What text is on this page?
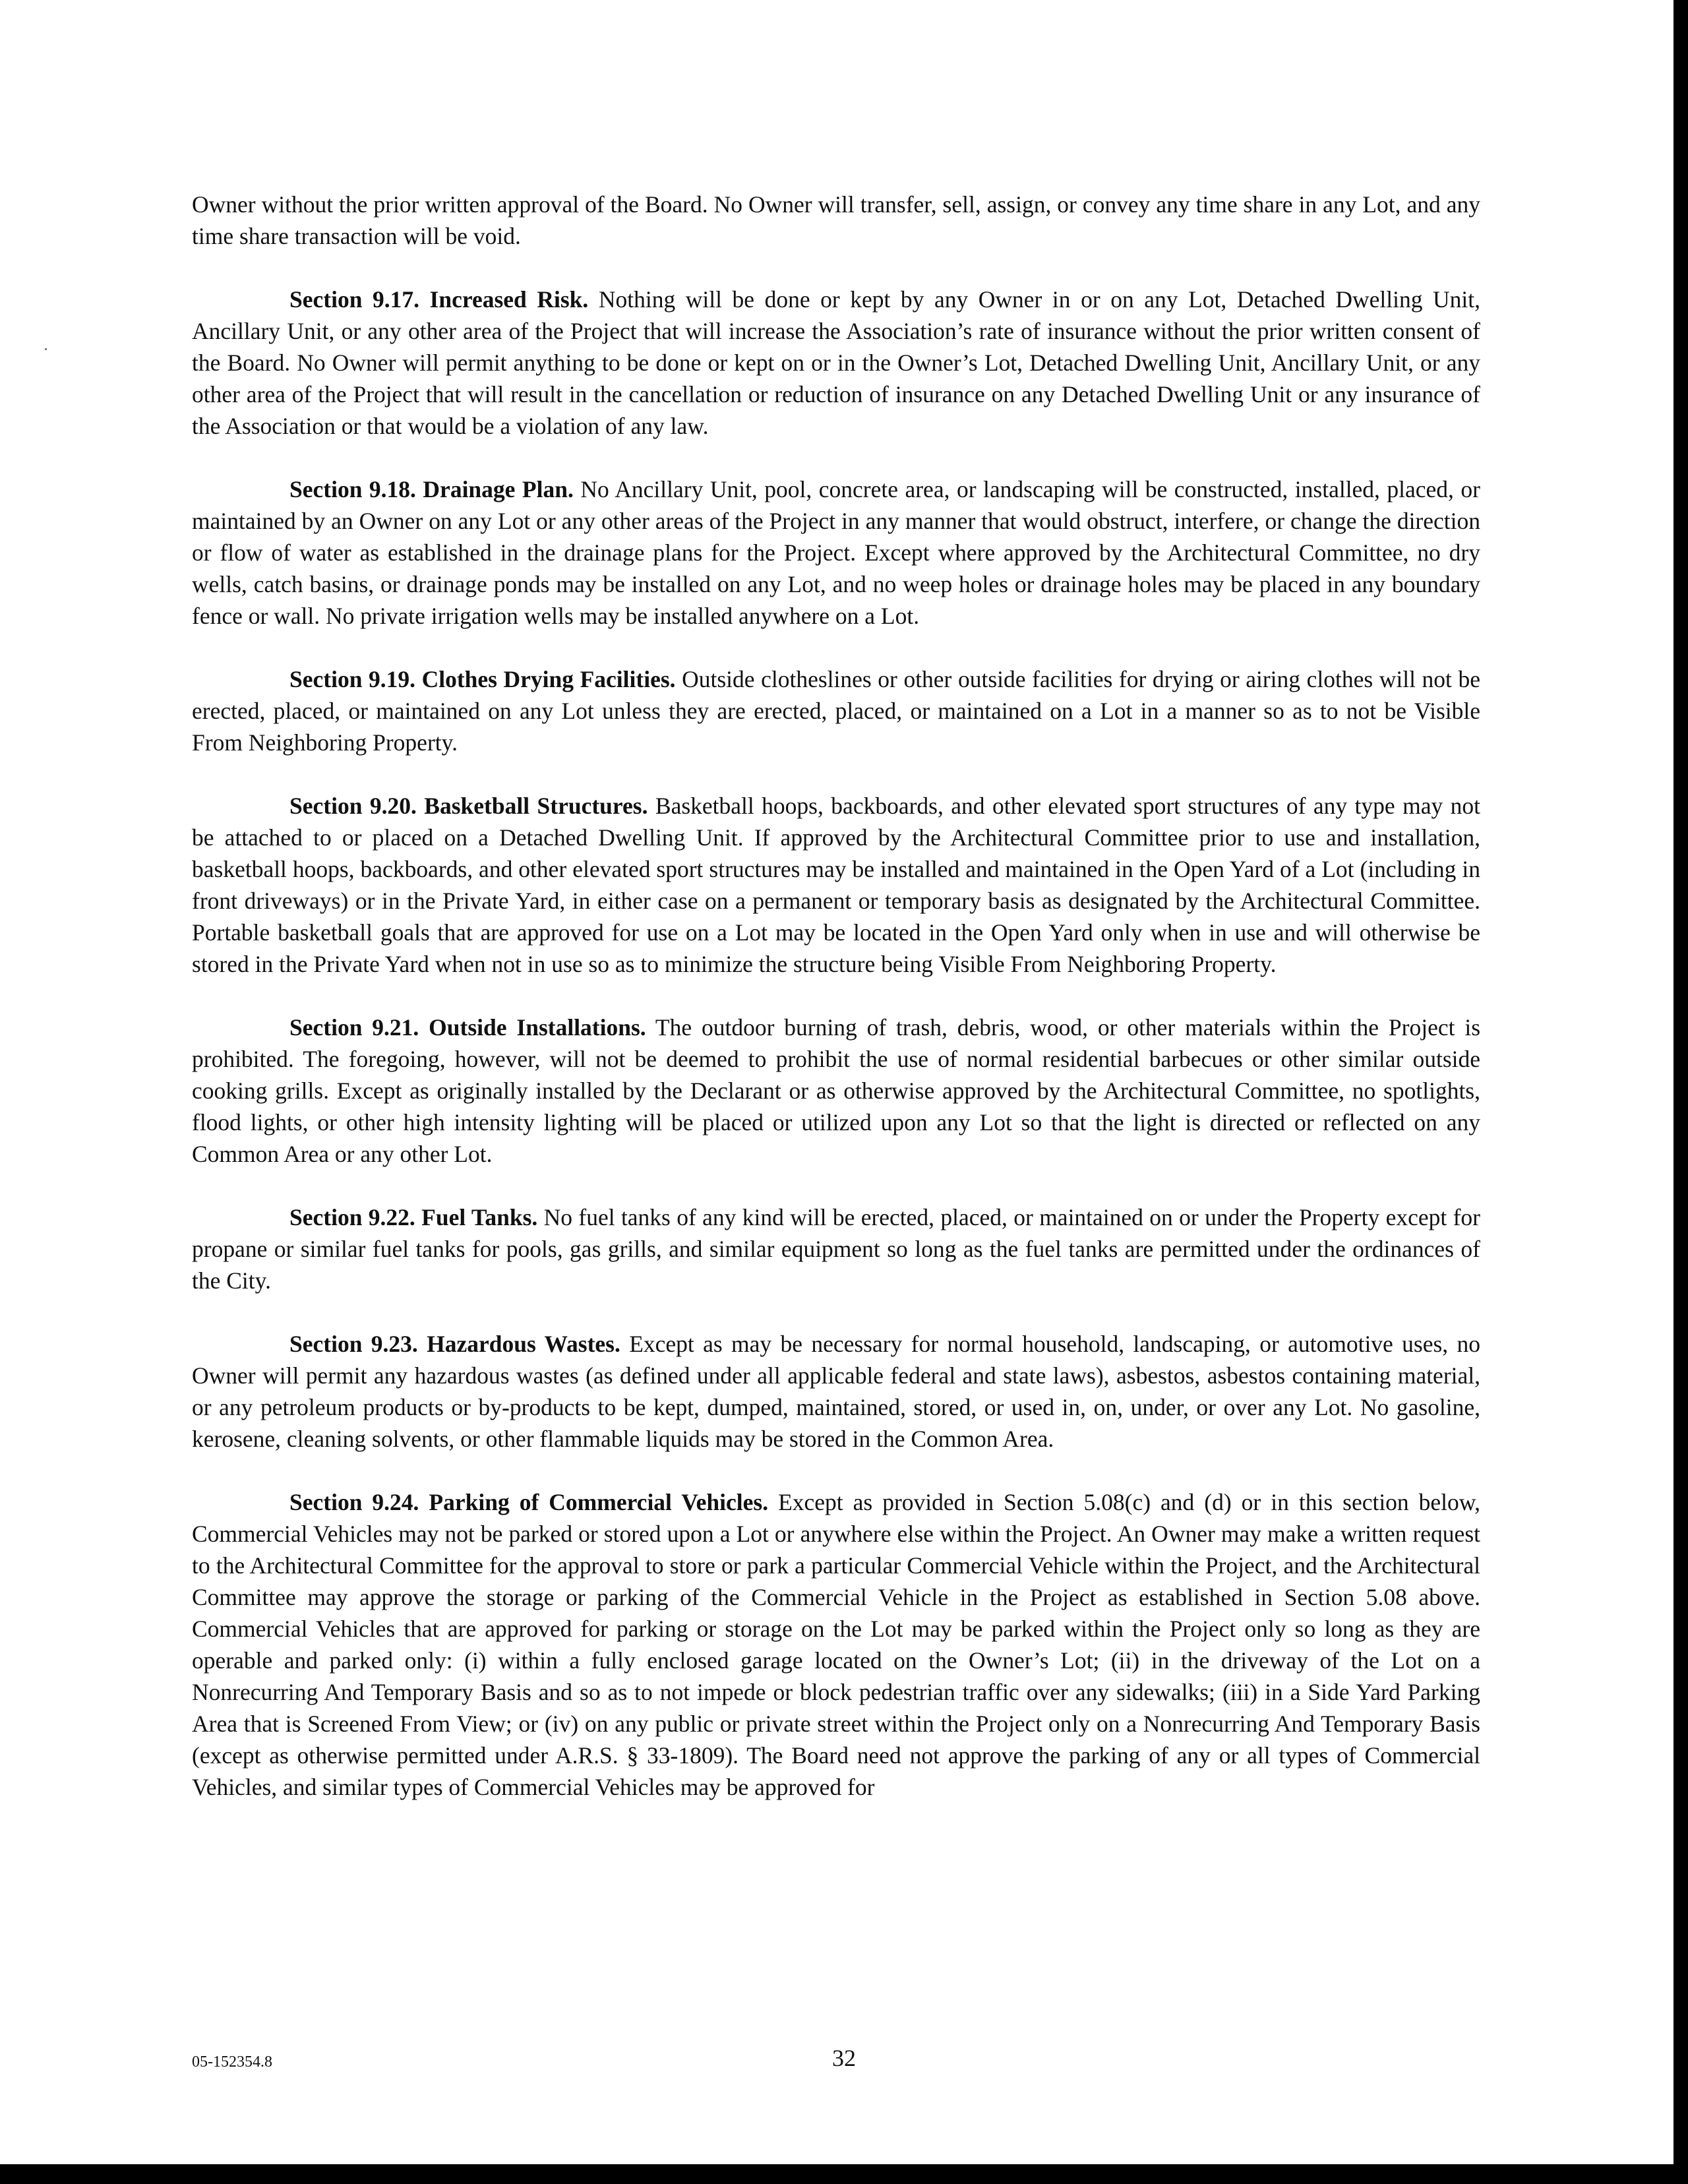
Owner without the prior written approval of the Board. No Owner will transfer, sell, assign, or convey any time share in any Lot, and any time share transaction will be void.

Section 9.17. Increased Risk. Nothing will be done or kept by any Owner in or on any Lot, Detached Dwelling Unit, Ancillary Unit, or any other area of the Project that will increase the Association’s rate of insurance without the prior written consent of the Board. No Owner will permit anything to be done or kept on or in the Owner’s Lot, Detached Dwelling Unit, Ancillary Unit, or any other area of the Project that will result in the cancellation or reduction of insurance on any Detached Dwelling Unit or any insurance of the Association or that would be a violation of any law.

Section 9.18. Drainage Plan. No Ancillary Unit, pool, concrete area, or landscaping will be constructed, installed, placed, or maintained by an Owner on any Lot or any other areas of the Project in any manner that would obstruct, interfere, or change the direction or flow of water as established in the drainage plans for the Project. Except where approved by the Architectural Committee, no dry wells, catch basins, or drainage ponds may be installed on any Lot, and no weep holes or drainage holes may be placed in any boundary fence or wall. No private irrigation wells may be installed anywhere on a Lot.

Section 9.19. Clothes Drying Facilities. Outside clotheslines or other outside facilities for drying or airing clothes will not be erected, placed, or maintained on any Lot unless they are erected, placed, or maintained on a Lot in a manner so as to not be Visible From Neighboring Property.

Section 9.20. Basketball Structures. Basketball hoops, backboards, and other elevated sport structures of any type may not be attached to or placed on a Detached Dwelling Unit. If approved by the Architectural Committee prior to use and installation, basketball hoops, backboards, and other elevated sport structures may be installed and maintained in the Open Yard of a Lot (including in front driveways) or in the Private Yard, in either case on a permanent or temporary basis as designated by the Architectural Committee. Portable basketball goals that are approved for use on a Lot may be located in the Open Yard only when in use and will otherwise be stored in the Private Yard when not in use so as to minimize the structure being Visible From Neighboring Property.

Section 9.21. Outside Installations. The outdoor burning of trash, debris, wood, or other materials within the Project is prohibited. The foregoing, however, will not be deemed to prohibit the use of normal residential barbecues or other similar outside cooking grills. Except as originally installed by the Declarant or as otherwise approved by the Architectural Committee, no spotlights, flood lights, or other high intensity lighting will be placed or utilized upon any Lot so that the light is directed or reflected on any Common Area or any other Lot.

Section 9.22. Fuel Tanks. No fuel tanks of any kind will be erected, placed, or maintained on or under the Property except for propane or similar fuel tanks for pools, gas grills, and similar equipment so long as the fuel tanks are permitted under the ordinances of the City.

Section 9.23. Hazardous Wastes. Except as may be necessary for normal household, landscaping, or automotive uses, no Owner will permit any hazardous wastes (as defined under all applicable federal and state laws), asbestos, asbestos containing material, or any petroleum products or by-products to be kept, dumped, maintained, stored, or used in, on, under, or over any Lot. No gasoline, kerosene, cleaning solvents, or other flammable liquids may be stored in the Common Area.

Section 9.24. Parking of Commercial Vehicles. Except as provided in Section 5.08(c) and (d) or in this section below, Commercial Vehicles may not be parked or stored upon a Lot or anywhere else within the Project. An Owner may make a written request to the Architectural Committee for the approval to store or park a particular Commercial Vehicle within the Project, and the Architectural Committee may approve the storage or parking of the Commercial Vehicle in the Project as established in Section 5.08 above. Commercial Vehicles that are approved for parking or storage on the Lot may be parked within the Project only so long as they are operable and parked only: (i) within a fully enclosed garage located on the Owner’s Lot; (ii) in the driveway of the Lot on a Nonrecurring And Temporary Basis and so as to not impede or block pedestrian traffic over any sidewalks; (iii) in a Side Yard Parking Area that is Screened From View; or (iv) on any public or private street within the Project only on a Nonrecurring And Temporary Basis (except as otherwise permitted under A.R.S. § 33-1809). The Board need not approve the parking of any or all types of Commercial Vehicles, and similar types of Commercial Vehicles may be approved for

05-152354.8	32
